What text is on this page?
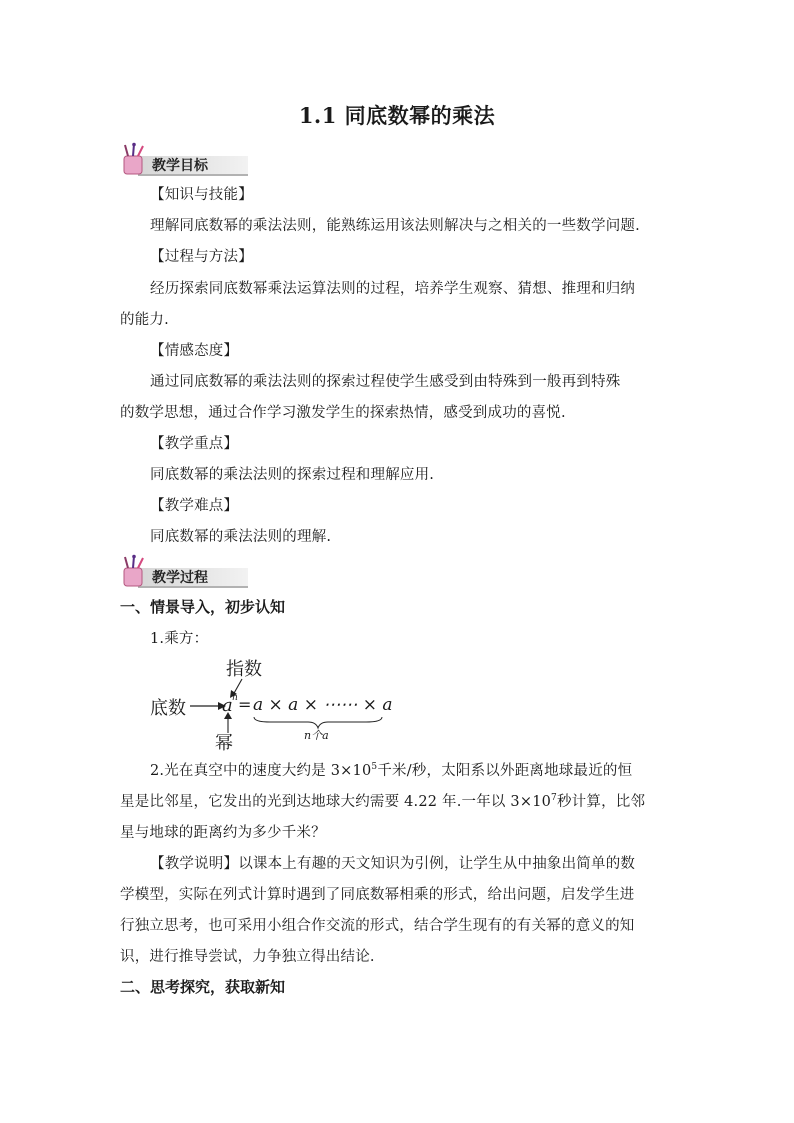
1.1 同底数幂的乘法
教学目标
【知识与技能】
理解同底数幂的乘法法则，能熟练运用该法则解决与之相关的一些数学问题.
【过程与方法】
经历探索同底数幂乘法运算法则的过程，培养学生观察、猜想、推理和归纳
的能力.
【情感态度】
通过同底数幂的乘法法则的探索过程使学生感受到由特殊到一般再到特殊
的数学思想，通过合作学习激发学生的探索热情，感受到成功的喜悦.
【教学重点】
同底数幂的乘法法则的探索过程和理解应用.
【教学难点】
同底数幂的乘法法则的理解.
教学过程
一、情景导入，初步认知
1.乘方：
指数
底数 a n = a × a × ⋯⋯ × a
n个a
幂
2.光在真空中的速度大约是 $3\times 10^5$千米/秒，太阳系以外距离地球最近的恒
星是比邻星，它发出的光到达地球大约需要 4.22 年.一年以 $3\times 10^7$秒计算，比邻
星与地球的距离约为多少千米？
【教学说明】以课本上有趣的天文知识为引例，让学生从中抽象出简单的数
学模型，实际在列式计算时遇到了同底数幂相乘的形式，给出问题，启发学生进
行独立思考，也可采用小组合作交流的形式，结合学生现有的有关幂的意义的知
识，进行推导尝试，力争独立得出结论.
二、思考探究，获取新知
